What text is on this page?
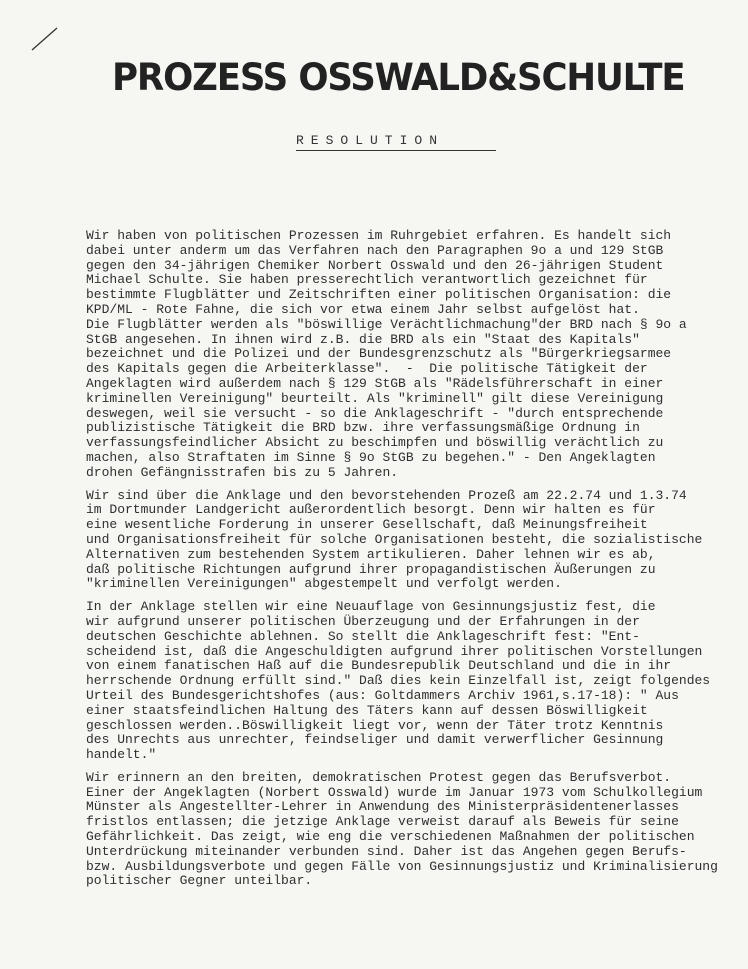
PROZESS OSSWALD&SCHULTE
RESOLUTION
Wir haben von politischen Prozessen im Ruhrgebiet erfahren. Es handelt sich
dabei unter anderm um das Verfahren nach den Paragraphen 9o a und 129 StGB
gegen den 34-jährigen Chemiker Norbert Osswald und den 26-jährigen Student
Michael Schulte. Sie haben presserechtlich verantwortlich gezeichnet für
bestimmte Flugblätter und Zeitschriften einer politischen Organisation: die
KPD/ML - Rote Fahne, die sich vor etwa einem Jahr selbst aufgelöst hat.
Die Flugblätter werden als "böswillige Verächtlichmachung"der BRD nach § 9o a
StGB angesehen. In ihnen wird z.B. die BRD als ein "Staat des Kapitals"
bezeichnet und die Polizei und der Bundesgrenzschutz als "Bürgerkriegsarmee
des Kapitals gegen die Arbeiterklasse".  -  Die politische Tätigkeit der
Angeklagten wird außerdem nach § 129 StGB als "Rädelsführerschaft in einer
kriminellen Vereinigung" beurteilt. Als "kriminell" gilt diese Vereinigung
deswegen, weil sie versucht - so die Anklageschrift - "durch entsprechende
publizistische Tätigkeit die BRD bzw. ihre verfassungsmäßige Ordnung in
verfassungsfeindlicher Absicht zu beschimpfen und böswillig verächtlich zu
machen, also Straftaten im Sinne § 9o StGB zu begehen." - Den Angeklagten
drohen Gefängnisstrafen bis zu 5 Jahren.
Wir sind über die Anklage und den bevorstehenden Prozeß am 22.2.74 und 1.3.74
im Dortmunder Landgericht außerordentlich besorgt. Denn wir halten es für
eine wesentliche Forderung in unserer Gesellschaft, daß Meinungsfreiheit
und Organisationsfreiheit für solche Organisationen besteht, die sozialistische
Alternativen zum bestehenden System artikulieren. Daher lehnen wir es ab,
daß politische Richtungen aufgrund ihrer propagandistischen Äußerungen zu
"kriminellen Vereinigungen" abgestempelt und verfolgt werden.
In der Anklage stellen wir eine Neuauflage von Gesinnungsjustiz fest, die
wir aufgrund unserer politischen Überzeugung und der Erfahrungen in der
deutschen Geschichte ablehnen. So stellt die Anklageschrift fest: "Ent-
scheidend ist, daß die Angeschuldigten aufgrund ihrer politischen Vorstellungen
von einem fanatischen Haß auf die Bundesrepublik Deutschland und die in ihr
herrschende Ordnung erfüllt sind." Daß dies kein Einzelfall ist, zeigt folgendes
Urteil des Bundesgerichtshofes (aus: Goltdammers Archiv 1961,s.17-18): " Aus
einer staatsfeindlichen Haltung des Täters kann auf dessen Böswilligkeit
geschlossen werden..Böswilligkeit liegt vor, wenn der Täter trotz Kenntnis
des Unrechts aus unrechter, feindseliger und damit verwerflicher Gesinnung
handelt."
Wir erinnern an den breiten, demokratischen Protest gegen das Berufsverbot.
Einer der Angeklagten (Norbert Osswald) wurde im Januar 1973 vom Schulkollegium
Münster als Angestellter-Lehrer in Anwendung des Ministerpräsidentenerlasses
fristlos entlassen; die jetzige Anklage verweist darauf als Beweis für seine
Gefährlichkeit. Das zeigt, wie eng die verschiedenen Maßnahmen der politischen
Unterdrückung miteinander verbunden sind. Daher ist das Angehen gegen Berufs-
bzw. Ausbildungsverbote und gegen Fälle von Gesinnungsjustiz und Kriminalisierung
politischer Gegner unteilbar.
